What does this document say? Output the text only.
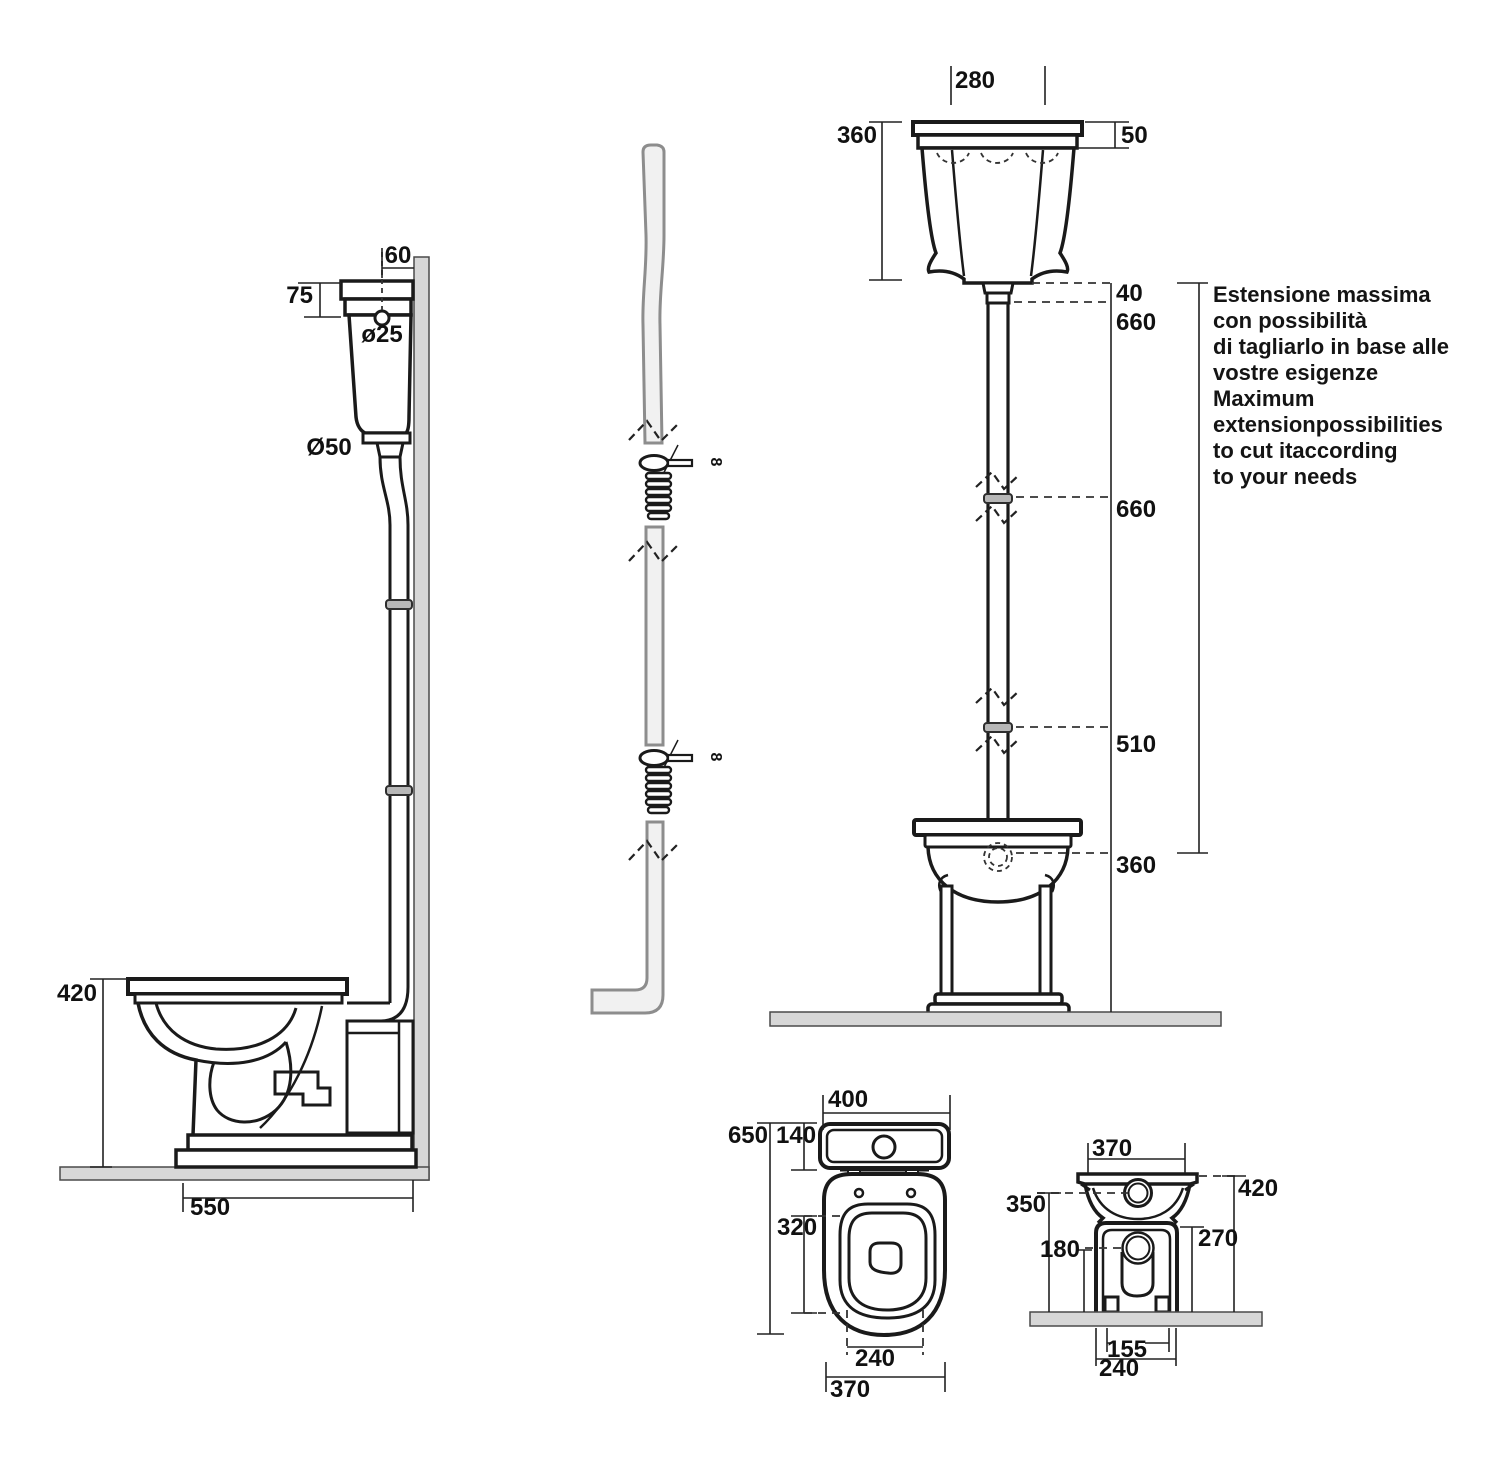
60
75
ø25
Ø50
420
550
8
8
280
360	50
40
660
660
510
360
400
650 140
320
240
370
370
420
350
270
180
155
240
Estensione massima
con possibilità
di tagliarlo in base alle
vostre esigenze
Maximum
extensionpossibilities
to cut itaccording
to your needs
